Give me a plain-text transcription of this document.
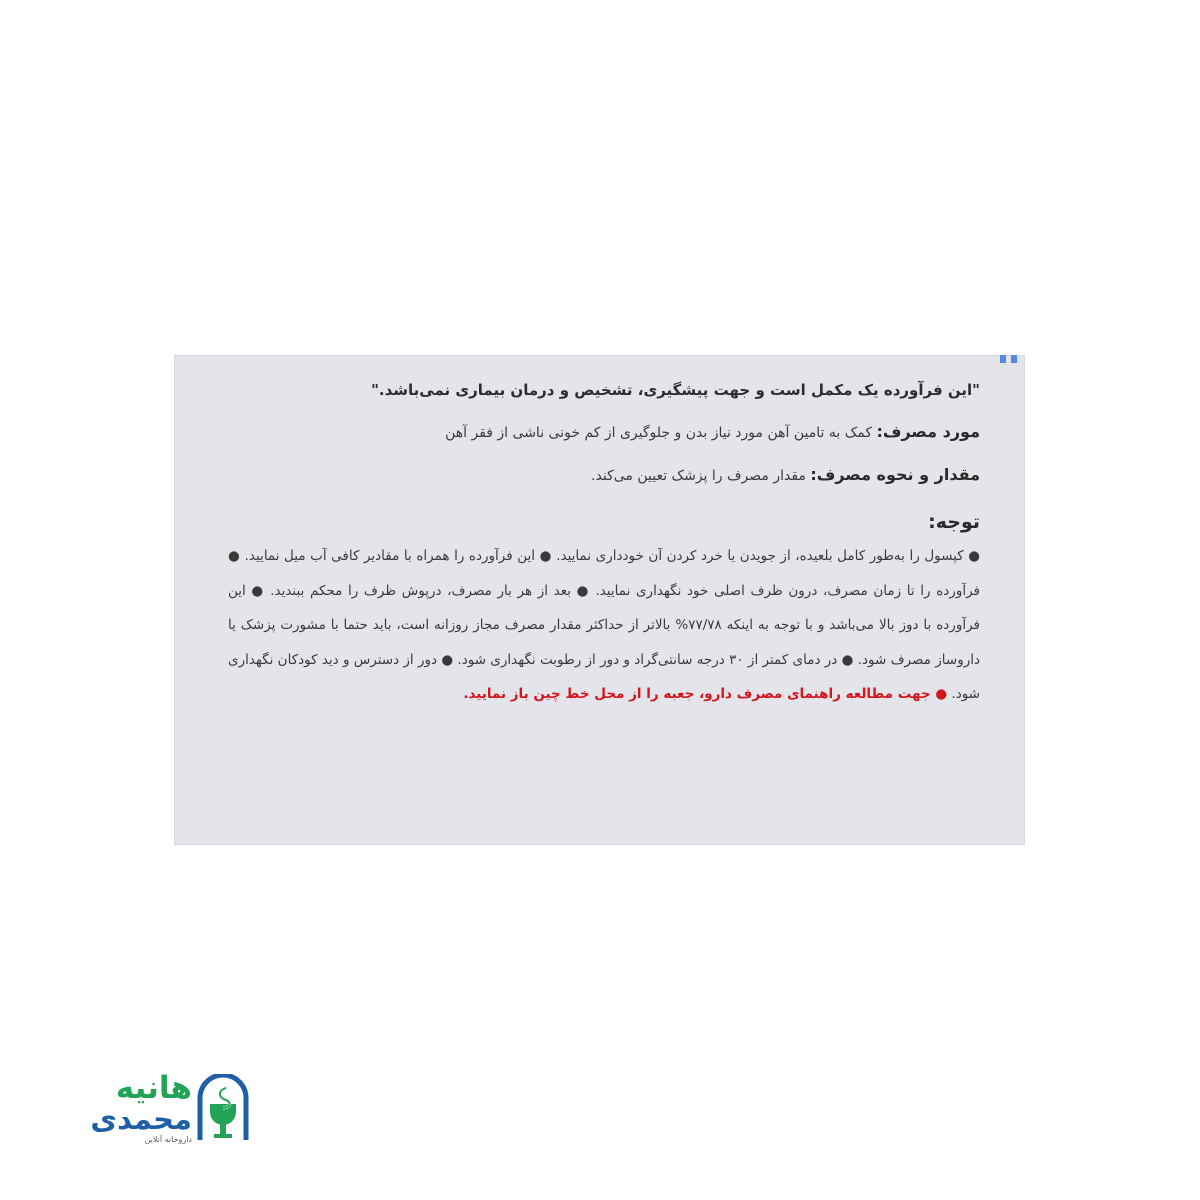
"این فرآورده یک مکمل است و جهت پیشگیری، تشخیص و درمان بیماری نمی‌باشد."

مورد مصرف: کمک به تامین آهن مورد نیاز بدن و جلوگیری از کم خونی ناشی از فقر آهن

مقدار و نحوه مصرف: مقدار مصرف را پزشک تعیین می‌کند.

توجه:

● کپسول را به‌طور کامل بلعیده، از جویدن یا خرد کردن آن خودداری نمایید. ● این فرآورده را همراه با مقادیر کافی آب میل نمایید. ● فرآورده را تا زمان مصرف، درون ظرف اصلی خود نگهداری نمایید. ● بعد از هر بار مصرف، درپوش ظرف را محکم ببندید. ● این فرآورده با دوز بالا می‌باشد و با توجه به اینکه ۷۷/۷۸% بالاتر از حداکثر مقدار مصرف مجاز روزانه است، باید حتما با مشورت پزشک یا داروساز مصرف شود. ● در دمای کمتر از ۳۰ درجه سانتی‌گراد و دور از رطوبت نگهداری شود. ● دور از دسترس و دید کودکان نگهداری شود. ● جهت مطالعه راهنمای مصرف دارو، جعبه را از محل خط چین باز نمایید.

هانیه
محمدی
داروخانه آنلاین
